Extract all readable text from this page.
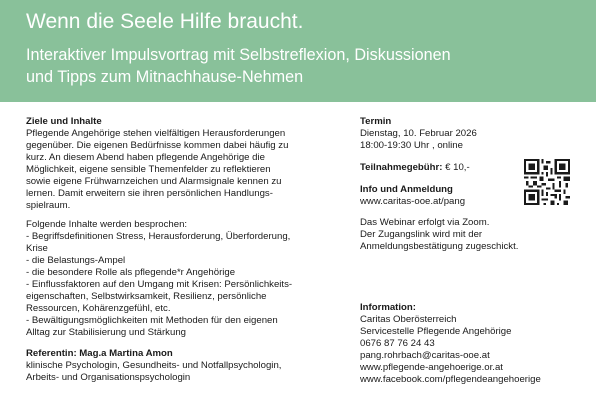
Wenn die Seele Hilfe braucht.
Interaktiver Impulsvortrag mit Selbstreflexion, Diskussionen
und Tipps zum Mitnachhause-Nehmen
Ziele und Inhalte
Pflegende Angehörige stehen vielfältigen Herausforderungen
gegenüber. Die eigenen Bedürfnisse kommen dabei häufig zu
kurz. An diesem Abend haben pflegende Angehörige die
Möglichkeit, eigene sensible Themenfelder zu reflektieren
sowie eigene Frühwarnzeichen und Alarmsignale kennen zu
lernen. Damit erweitern sie ihren persönlichen Handlungs-
spielraum.
Folgende Inhalte werden besprochen:
- Begriffsdefinitionen Stress, Herausforderung, Überforderung,
Krise
- die Belastungs-Ampel
- die besondere Rolle als pflegende*r Angehörige
- Einflussfaktoren auf den Umgang mit Krisen: Persönlichkeits-
eigenschaften, Selbstwirksamkeit, Resilienz, persönliche
Ressourcen, Kohärenzgefühl, etc.
- Bewältigungsmöglichkeiten mit Methoden für den eigenen
Alltag zur Stabilisierung und Stärkung
Referentin: Mag.a Martina Amon
klinische Psychologin, Gesundheits- und Notfallpsychologin,
Arbeits- und Organisationspsychologin
Termin
Dienstag, 10. Februar 2026
18:00-19:30 Uhr , online
Teilnahmegebühr: € 10,-
Info und Anmeldung
www.caritas-ooe.at/pang
Das Webinar erfolgt via Zoom.
Der Zugangslink wird mit der
Anmeldungsbestätigung zugeschickt.
Information:
Caritas Oberösterreich
Servicestelle Pflegende Angehörige
0676 87 76 24 43
pang.rohrbach@caritas-ooe.at
www.pflegende-angehoerige.or.at
www.facebook.com/pflegendeangehoerige
